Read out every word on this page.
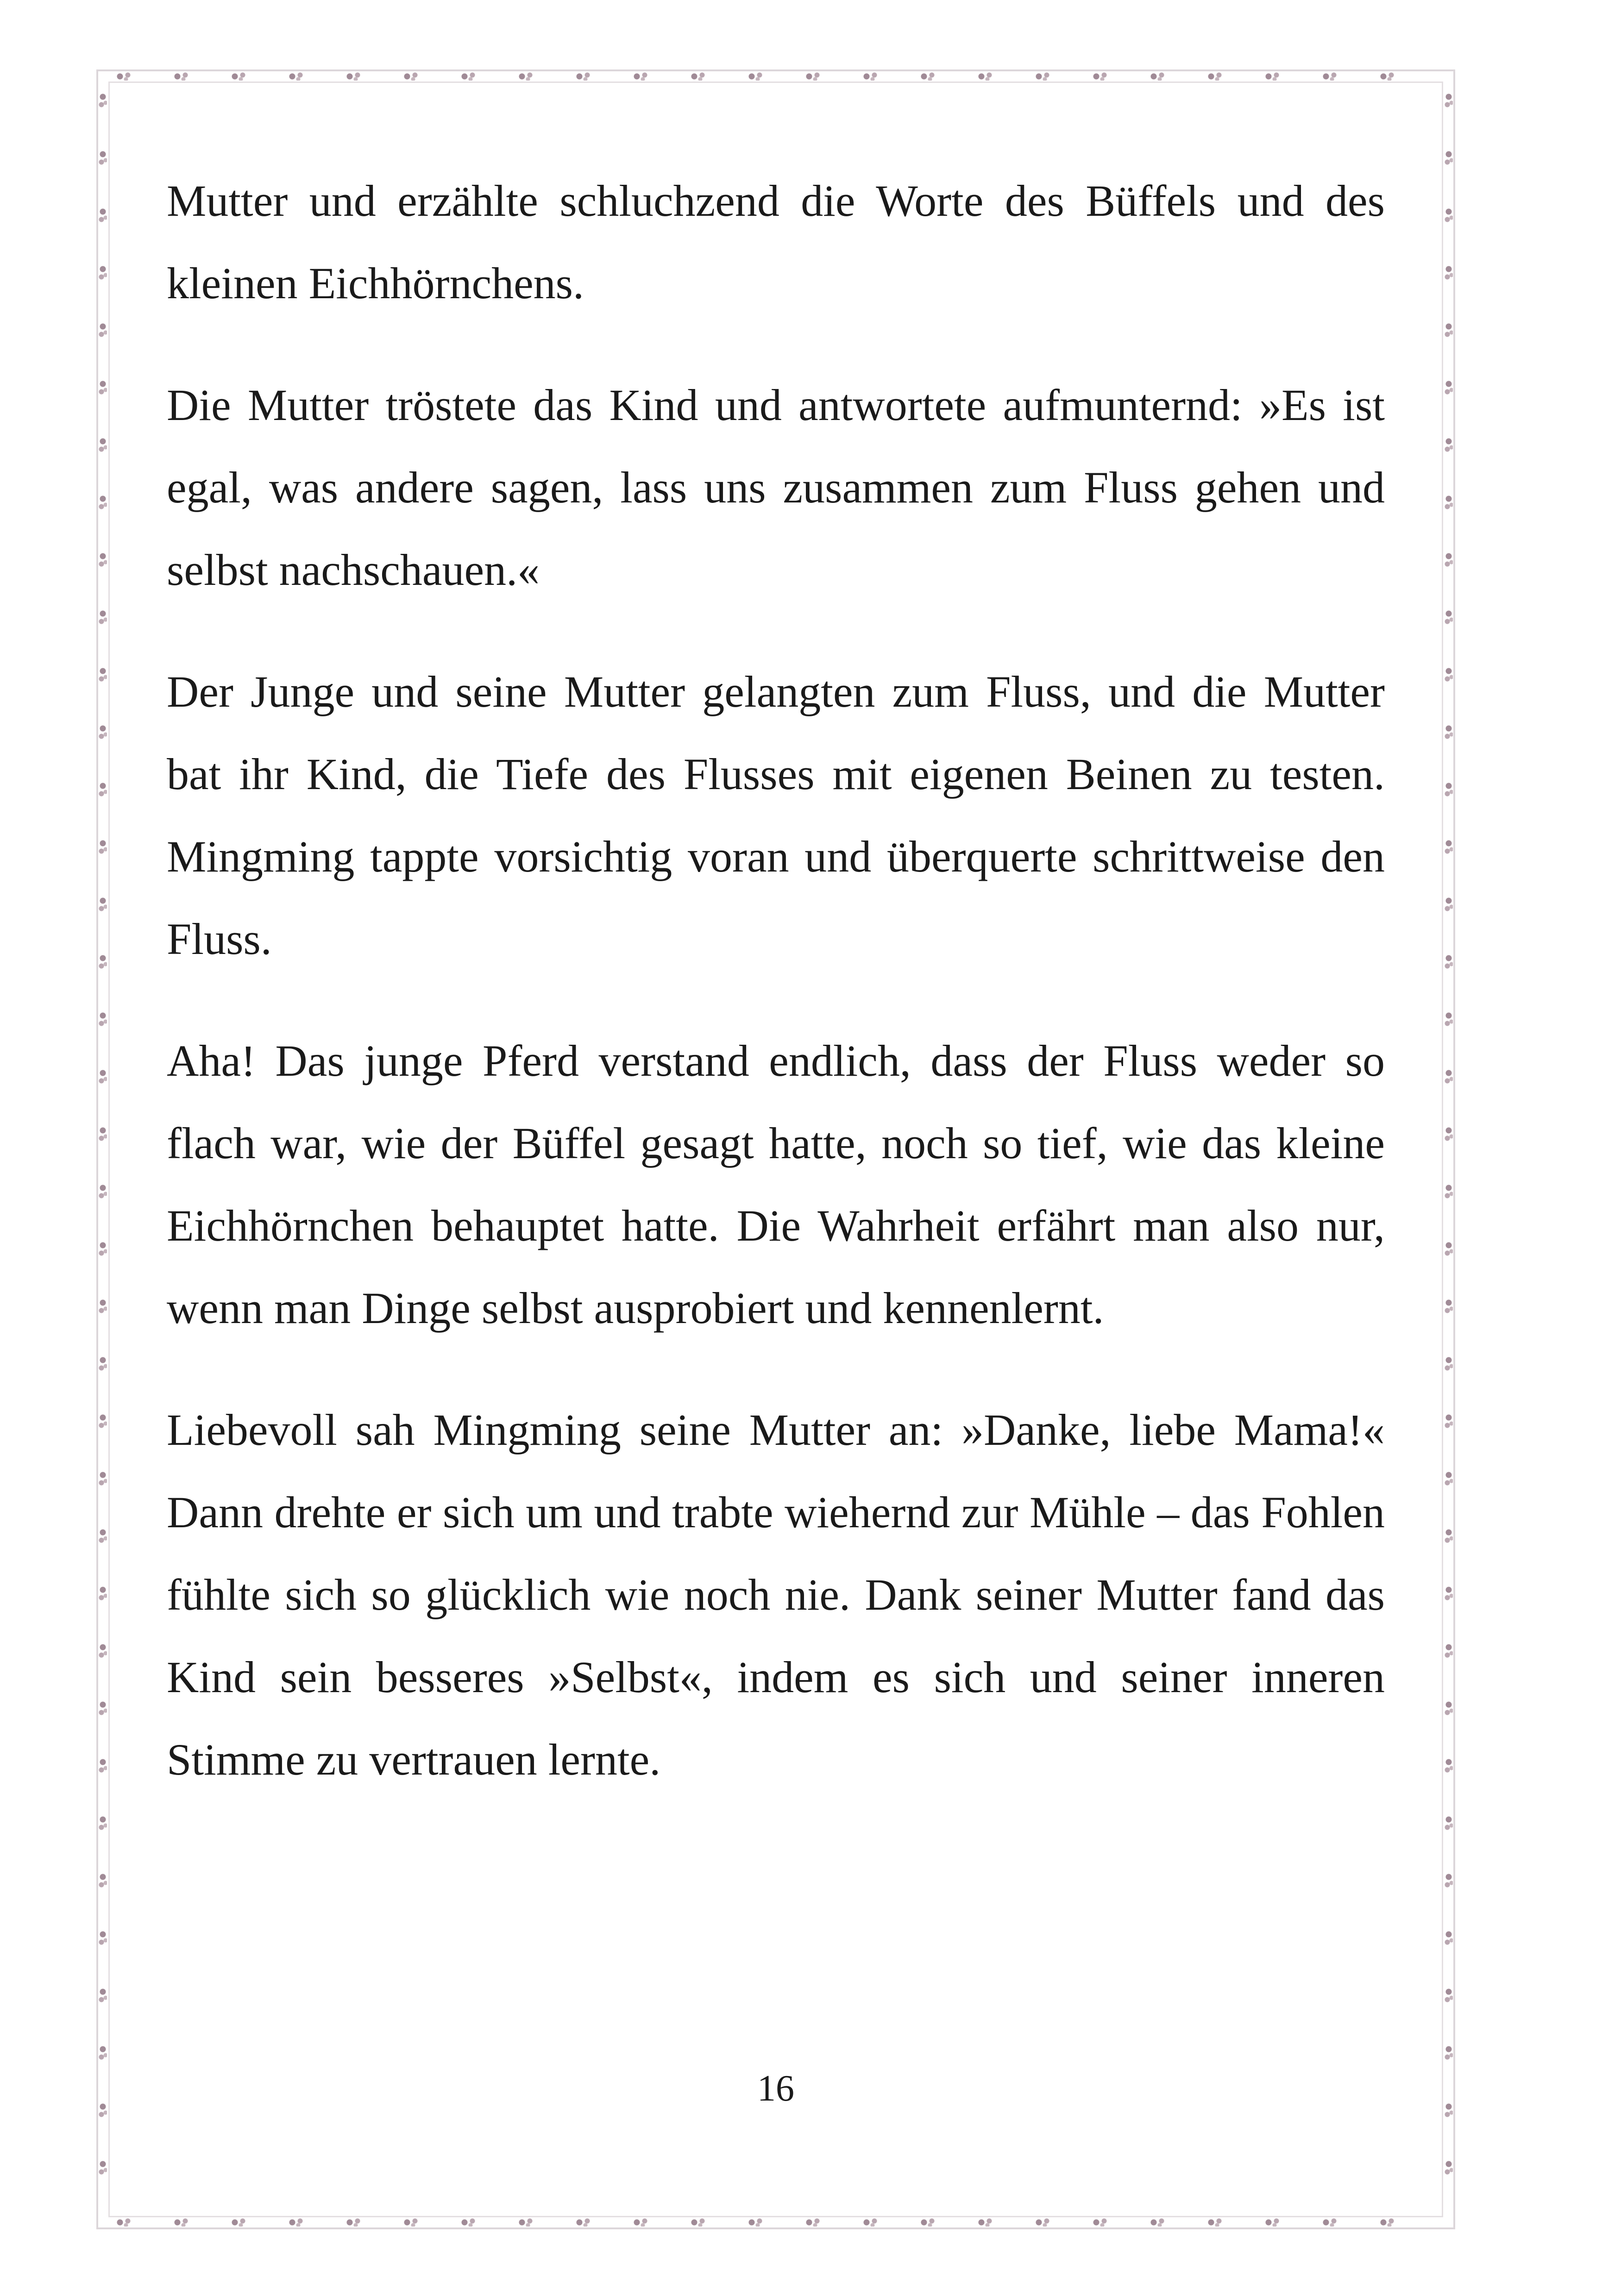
Mutter und erzählte schluchzend die Worte des Büffels und des kleinen Eichhörnchens.

Die Mutter tröstete das Kind und antwortete aufmunternd: »Es ist egal, was andere sagen, lass uns zusammen zum Fluss gehen und selbst nachschauen.«

Der Junge und seine Mutter gelangten zum Fluss, und die Mutter bat ihr Kind, die Tiefe des Flusses mit eigenen Beinen zu testen. Mingming tappte vorsichtig voran und überquerte schrittweise den Fluss.

Aha! Das junge Pferd verstand endlich, dass der Fluss weder so flach war, wie der Büffel gesagt hatte, noch so tief, wie das kleine Eichhörnchen behauptet hatte. Die Wahrheit erfährt man also nur, wenn man Dinge selbst ausprobiert und kennenlernt.

Liebevoll sah Mingming seine Mutter an: »Danke, liebe Mama!« Dann drehte er sich um und trabte wiehernd zur Mühle – das Fohlen fühlte sich so glücklich wie noch nie. Dank seiner Mutter fand das Kind sein besseres »Selbst«, indem es sich und seiner inneren Stimme zu vertrauen lernte.

16
